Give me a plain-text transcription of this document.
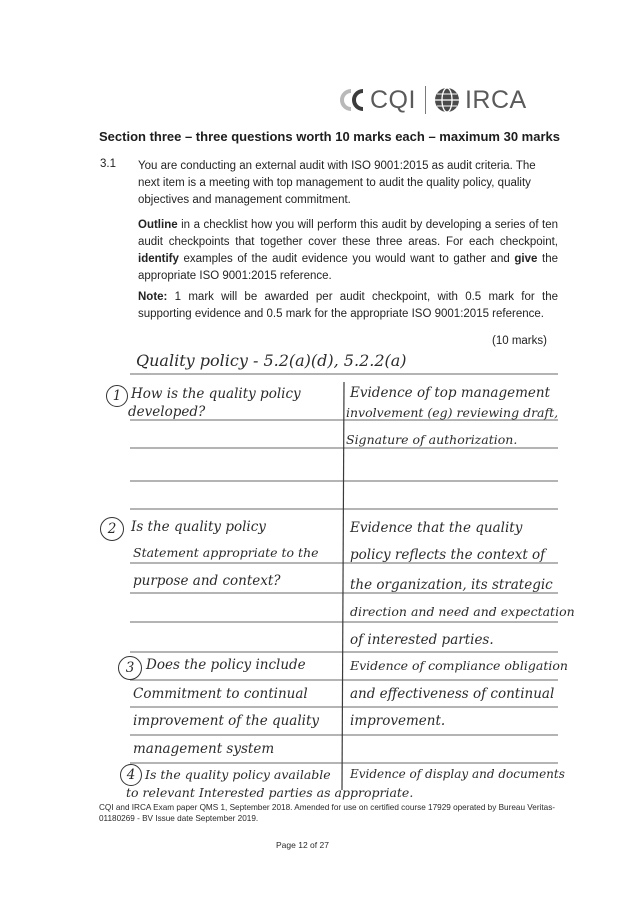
CQI IRCA
Section three – three questions worth 10 marks each – maximum 30 marks
3.1 You are conducting an external audit with ISO 9001:2015 as audit criteria. The next item is a meeting with top management to audit the quality policy, quality objectives and management commitment.
Outline in a checklist how you will perform this audit by developing a series of ten audit checkpoints that together cover these three areas. For each checkpoint, identify examples of the audit evidence you would want to gather and give the appropriate ISO 9001:2015 reference.
Note: 1 mark will be awarded per audit checkpoint, with 0.5 mark for the supporting evidence and 0.5 mark for the appropriate ISO 9001:2015 reference.
(10 marks)
Quality policy - 5.2(a)(d), 5.2.2(a)
1 How is the quality policy
developed?
Evidence of top management
involvement (eg) reviewing draft,
Signature of authorization.
2	Is the quality policy
Statement appropriate to the
purpose and context?
Evidence that the quality
policy reflects the context of
the organization, its strategic
direction and need and expectation
of interested parties.
3 Does the policy include
Commitment to continual
improvement of the quality
management system
Evidence of compliance obligation
and effectiveness of continual
improvement.
4 Is the quality policy available Evidence of display and documents
to relevant Interested parties as appropriate.
CQI and IRCA Exam paper QMS 1, September 2018. Amended for use on certified course 17929 operated by Bureau Veritas-01180269 - BV Issue date September 2019.
Page 12 of 27
